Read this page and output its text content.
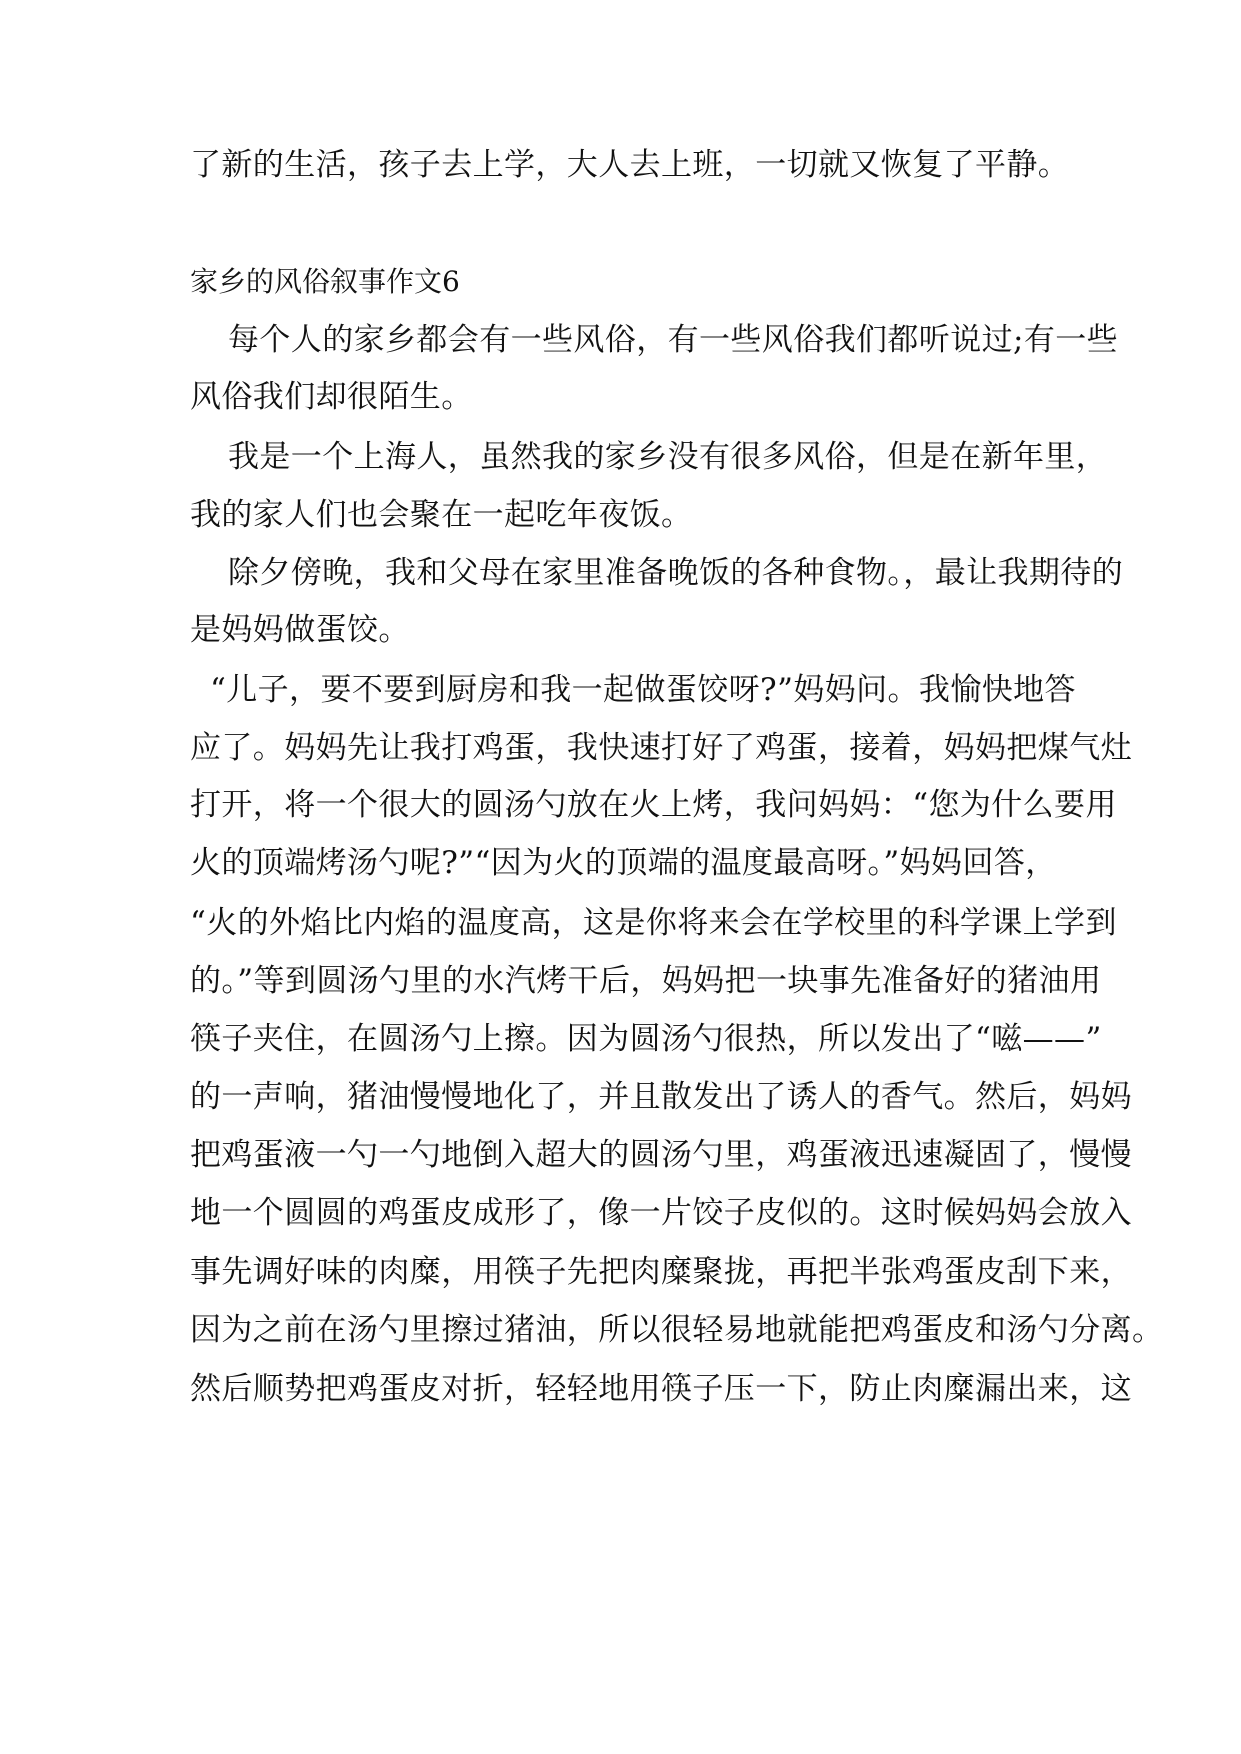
了新的生活，孩子去上学，大人去上班，一切就又恢复了平静。
家乡的风俗叙事作文6
每个人的家乡都会有一些风俗，有一些风俗我们都听说过;有一些
风俗我们却很陌生。
我是一个上海人，虽然我的家乡没有很多风俗，但是在新年里，
我的家人们也会聚在一起吃年夜饭。
除夕傍晚，我和父母在家里准备晚饭的各种食物。，最让我期待的
是妈妈做蛋饺。
“儿子，要不要到厨房和我一起做蛋饺呀?”妈妈问。我愉快地答
应了。妈妈先让我打鸡蛋，我快速打好了鸡蛋，接着，妈妈把煤气灶
打开，将一个很大的圆汤勺放在火上烤，我问妈妈：“您为什么要用
火的顶端烤汤勺呢?”“因为火的顶端的温度最高呀。”妈妈回答，
“火的外焰比内焰的温度高，这是你将来会在学校里的科学课上学到
的。”等到圆汤勺里的水汽烤干后，妈妈把一块事先准备好的猪油用
筷子夹住，在圆汤勺上擦。因为圆汤勺很热，所以发出了“嗞——”
的一声响，猪油慢慢地化了，并且散发出了诱人的香气。然后，妈妈
把鸡蛋液一勺一勺地倒入超大的圆汤勺里，鸡蛋液迅速凝固了，慢慢
地一个圆圆的鸡蛋皮成形了，像一片饺子皮似的。这时候妈妈会放入
事先调好味的肉糜，用筷子先把肉糜聚拢，再把半张鸡蛋皮刮下来，
因为之前在汤勺里擦过猪油，所以很轻易地就能把鸡蛋皮和汤勺分离。
然后顺势把鸡蛋皮对折，轻轻地用筷子压一下，防止肉糜漏出来，这
